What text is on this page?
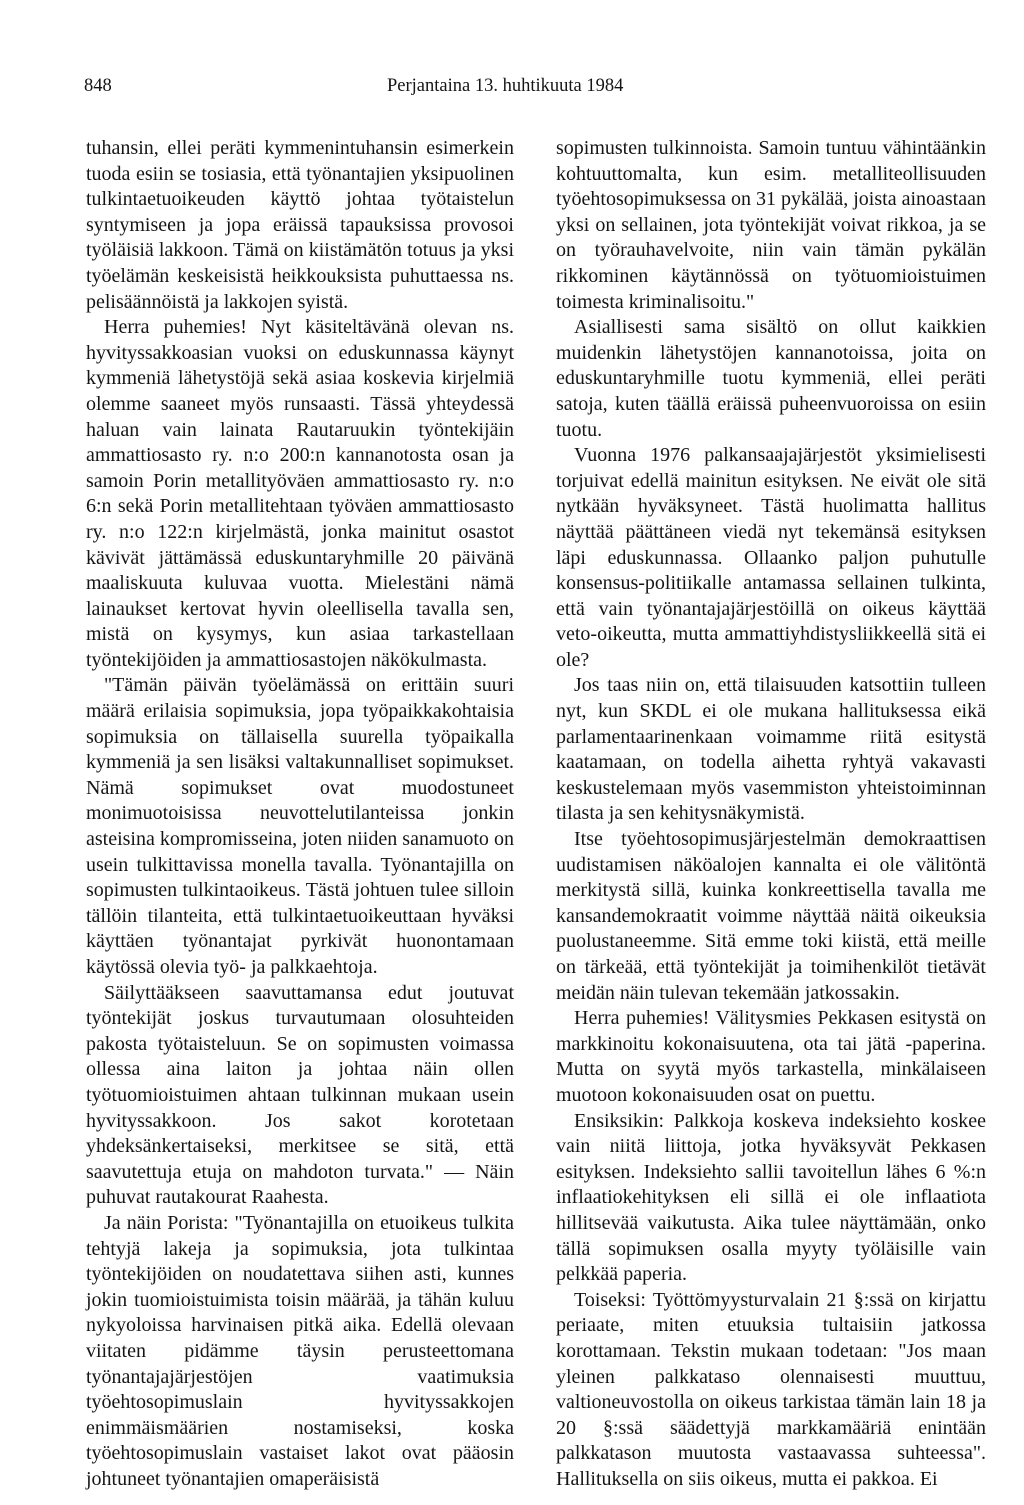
848	Perjantaina 13. huhtikuuta 1984

tuhansin, ellei peräti kymmenintuhansin esimerkein tuoda esiin se tosiasia, että työnantajien yksipuolinen tulkintaetuoikeuden käyttö johtaa työtaistelun syntymiseen ja jopa eräissä tapauksissa provosoi työläisiä lakkoon. Tämä on kiistämätön totuus ja yksi työelämän keskeisistä heikkouksista puhuttaessa ns. pelisäännöistä ja lakkojen syistä.

Herra puhemies! Nyt käsiteltävänä olevan ns. hyvityssakkoasian vuoksi on eduskunnassa käynyt kymmeniä lähetystöjä sekä asiaa koskevia kirjelmiä olemme saaneet myös runsaasti. Tässä yhteydessä haluan vain lainata Rautaruukin työntekijäin ammattiosasto ry. n:o 200:n kannanotosta osan ja samoin Porin metallityöväen ammattiosasto ry. n:o 6:n sekä Porin metallitehtaan työväen ammattiosasto ry. n:o 122:n kirjelmästä, jonka mainitut osastot kävivät jättämässä eduskuntaryhmille 20 päivänä maaliskuuta kuluvaa vuotta. Mielestäni nämä lainaukset kertovat hyvin oleellisella tavalla sen, mistä on kysymys, kun asiaa tarkastellaan työntekijöiden ja ammattiosastojen näkökulmasta.

"Tämän päivän työelämässä on erittäin suuri määrä erilaisia sopimuksia, jopa työpaikkakohtaisia sopimuksia on tällaisella suurella työpaikalla kymmeniä ja sen lisäksi valtakunnalliset sopimukset. Nämä sopimukset ovat muodostuneet monimuotoisissa neuvottelutilanteissa jonkin asteisina kompromisseina, joten niiden sanamuoto on usein tulkittavissa monella tavalla. Työnantajilla on sopimusten tulkintaoikeus. Tästä johtuen tulee silloin tällöin tilanteita, että tulkintaetuoikeuttaan hyväksi käyttäen työnantajat pyrkivät huonontamaan käytössä olevia työ- ja palkkaehtoja.

Säilyttääkseen saavuttamansa edut joutuvat työntekijät joskus turvautumaan olosuhteiden pakosta työtaisteluun. Se on sopimusten voimassa ollessa aina laiton ja johtaa näin ollen työtuomioistuimen ahtaan tulkinnan mukaan usein hyvityssakkoon. Jos sakot korotetaan yhdeksänkertaiseksi, merkitsee se sitä, että saavutettuja etuja on mahdoton turvata." — Näin puhuvat rautakourat Raahesta.

Ja näin Porista: "Työnantajilla on etuoikeus tulkita tehtyjä lakeja ja sopimuksia, jota tulkintaa työntekijöiden on noudatettava siihen asti, kunnes jokin tuomioistuimista toisin määrää, ja tähän kuluu nykyoloissa harvinaisen pitkä aika. Edellä olevaan viitaten pidämme täysin perusteettomana työnantajajärjestöjen vaatimuksia työehtosopimuslain hyvityssakkojen enimmäismäärien nostamiseksi, koska työehtosopimuslain vastaiset lakot ovat pääosin johtuneet työnantajien omaperäisistä

sopimusten tulkinnoista. Samoin tuntuu vähintäänkin kohtuuttomalta, kun esim. metalliteollisuuden työehtosopimuksessa on 31 pykälää, joista ainoastaan yksi on sellainen, jota työntekijät voivat rikkoa, ja se on työrauhavelvoite, niin vain tämän pykälän rikkominen käytännössä on työtuomioistuimen toimesta kriminalisoitu."

Asiallisesti sama sisältö on ollut kaikkien muidenkin lähetystöjen kannanotoissa, joita on eduskuntaryhmille tuotu kymmeniä, ellei peräti satoja, kuten täällä eräissä puheenvuoroissa on esiin tuotu.

Vuonna 1976 palkansaajajärjestöt yksimielisesti torjuivat edellä mainitun esityksen. Ne eivät ole sitä nytkään hyväksyneet. Tästä huolimatta hallitus näyttää päättäneen viedä nyt tekemänsä esityksen läpi eduskunnassa. Ollaanko paljon puhutulle konsensus-politiikalle antamassa sellainen tulkinta, että vain työnantajajärjestöillä on oikeus käyttää veto-oikeutta, mutta ammattiyhdistysliikkeellä sitä ei ole?

Jos taas niin on, että tilaisuuden katsottiin tulleen nyt, kun SKDL ei ole mukana hallituksessa eikä parlamentaarinenkaan voimamme riitä esitystä kaatamaan, on todella aihetta ryhtyä vakavasti keskustelemaan myös vasemmiston yhteistoiminnan tilasta ja sen kehitysnäkymistä.

Itse työehtosopimusjärjestelmän demokraattisen uudistamisen näköalojen kannalta ei ole välitöntä merkitystä sillä, kuinka konkreettisella tavalla me kansandemokraatit voimme näyttää näitä oikeuksia puolustaneemme. Sitä emme toki kiistä, että meille on tärkeää, että työntekijät ja toimihenkilöt tietävät meidän näin tulevan tekemään jatkossakin.

Herra puhemies! Välitysmies Pekkasen esitystä on markkinoitu kokonaisuutena, ota tai jätä -paperina. Mutta on syytä myös tarkastella, minkälaiseen muotoon kokonaisuuden osat on puettu.

Ensiksikin: Palkkoja koskeva indeksiehto koskee vain niitä liittoja, jotka hyväksyvät Pekkasen esityksen. Indeksiehto sallii tavoitellun lähes 6 %:n inflaatiokehityksen eli sillä ei ole inflaatiota hillitsevää vaikutusta. Aika tulee näyttämään, onko tällä sopimuksen osalla myyty työläisille vain pelkkää paperia.

Toiseksi: Työttömyysturvalain 21 §:ssä on kirjattu periaate, miten etuuksia tultaisiin jatkossa korottamaan. Tekstin mukaan todetaan: "Jos maan yleinen palkkataso olennaisesti muuttuu, valtioneuvostolla on oikeus tarkistaa tämän lain 18 ja 20 §:ssä säädettyjä markkamääriä enintään palkkatason muutosta vastaavassa suhteessa". Hallituksella on siis oikeus, mutta ei pakkoa. Ei
